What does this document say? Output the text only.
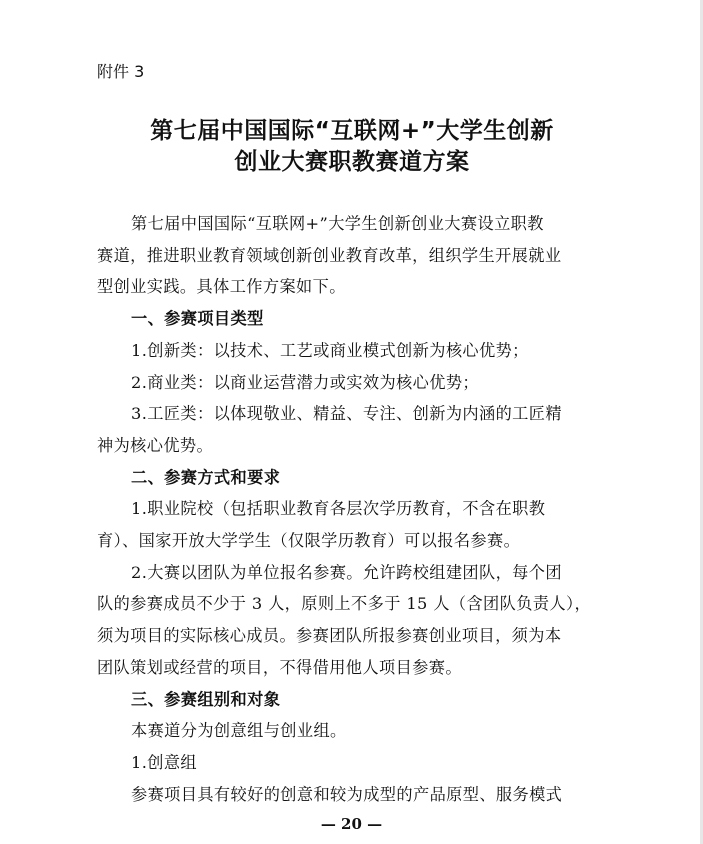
附件 3
第七届中国国际“互联网+”大学生创新
创业大赛职教赛道方案

第七届中国国际“互联网+”大学生创新创业大赛设立职教

赛道，推进职业教育领域创新创业教育改革，组织学生开展就业

型创业实践。具体工作方案如下。

一、参赛项目类型

1.创新类：以技术、工艺或商业模式创新为核心优势；

2.商业类：以商业运营潜力或实效为核心优势；

3.工匠类：以体现敬业、精益、专注、创新为内涵的工匠精

神为核心优势。

二、参赛方式和要求

1.职业院校（包括职业教育各层次学历教育，不含在职教

育）、国家开放大学学生（仅限学历教育）可以报名参赛。

2.大赛以团队为单位报名参赛。允许跨校组建团队，每个团

队的参赛成员不少于 3 人，原则上不多于 15 人（含团队负责人），

须为项目的实际核心成员。参赛团队所报参赛创业项目，须为本

团队策划或经营的项目，不得借用他人项目参赛。

三、参赛组别和对象

本赛道分为创意组与创业组。

1.创意组

参赛项目具有较好的创意和较为成型的产品原型、服务模式

— 20 —
